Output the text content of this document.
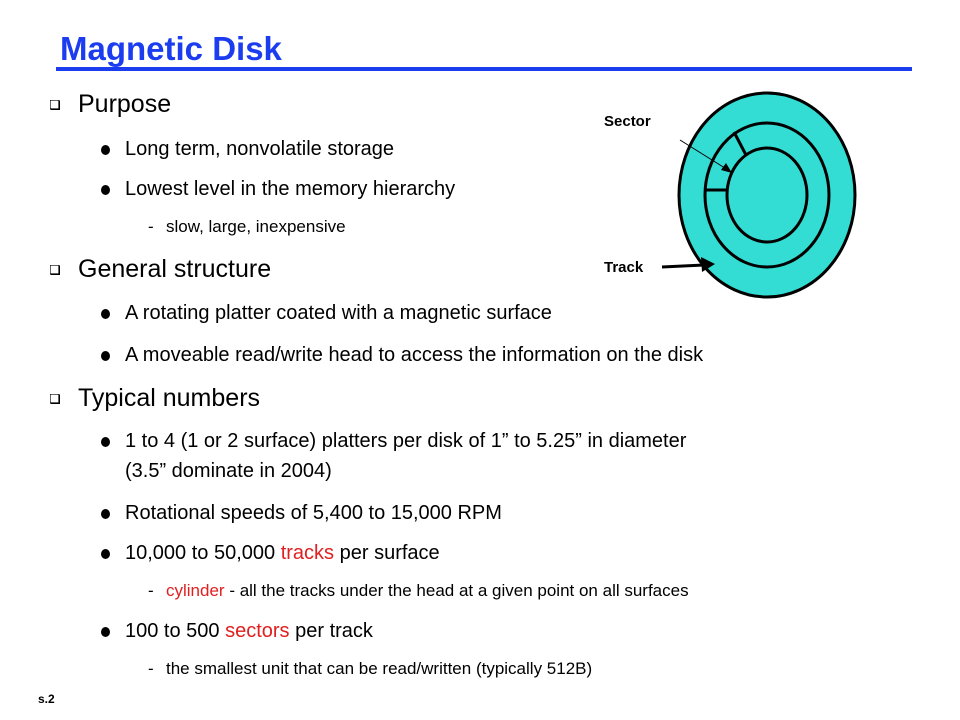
Magnetic Disk
Sector
Track
Purpose
Long term, nonvolatile storage
Lowest level in the memory hierarchy
- slow, large, inexpensive
General structure
A rotating platter coated with a magnetic surface
A moveable read/write head to access the information on the disk
Typical numbers
1 to 4 (1 or 2 surface) platters per disk of 1” to 5.25” in diameter
(3.5” dominate in 2004)
Rotational speeds of 5,400 to 15,000 RPM
10,000 to 50,000 tracks per surface
- cylinder - all the tracks under the head at a given point on all surfaces
100 to 500 sectors per track
- the smallest unit that can be read/written (typically 512B)
s.2
